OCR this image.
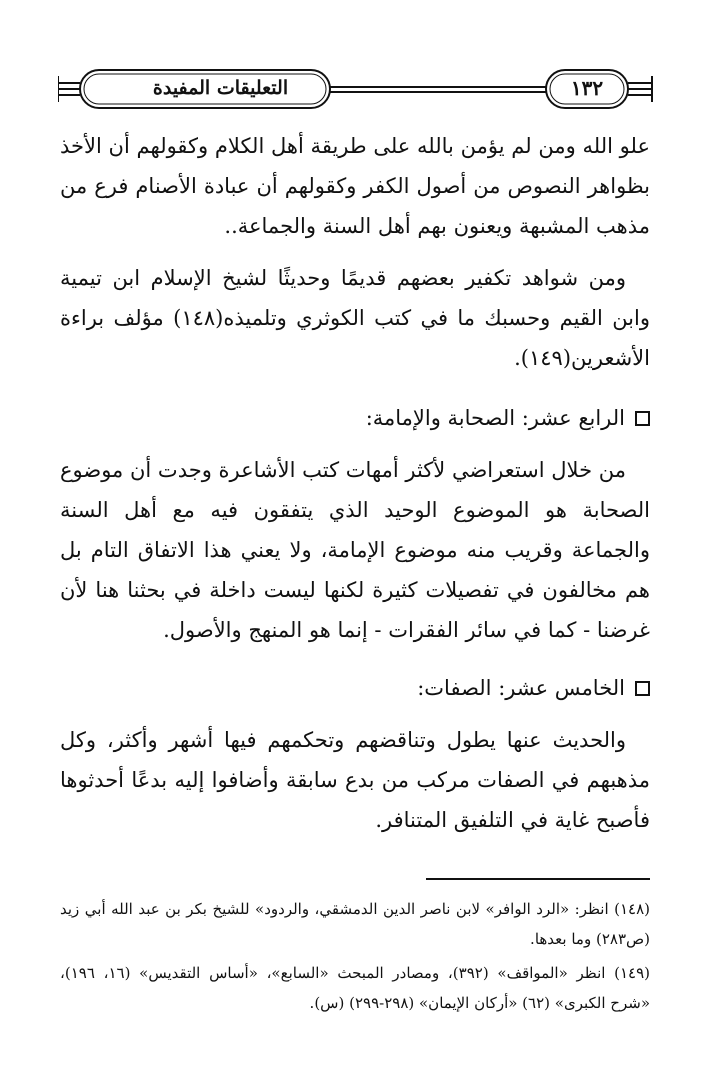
التعليقات المفيدة	١٣٢

علو الله ومن لم يؤمن بالله على طريقة أهل الكلام وكقولهم أن الأخذ بظواهر النصوص من أصول الكفر وكقولهم أن عبادة الأصنام فرع من مذهب المشبهة ويعنون بهم أهل السنة والجماعة..

ومن شواهد تكفير بعضهم قديمًا وحديثًا لشيخ الإسلام ابن تيمية وابن القيم وحسبك ما في كتب الكوثري وتلميذه(١٤٨) مؤلف براءة الأشعرين(١٤٩).

الرابع عشر: الصحابة والإمامة:

من خلال استعراضي لأكثر أمهات كتب الأشاعرة وجدت أن موضوع الصحابة هو الموضوع الوحيد الذي يتفقون فيه مع أهل السنة والجماعة وقريب منه موضوع الإمامة، ولا يعني هذا الاتفاق التام بل هم مخالفون في تفصيلات كثيرة لكنها ليست داخلة في بحثنا هنا لأن غرضنا - كما في سائر الفقرات - إنما هو المنهج والأصول.

الخامس عشر: الصفات:

والحديث عنها يطول وتناقضهم وتحكمهم فيها أشهر وأكثر، وكل مذهبهم في الصفات مركب من بدع سابقة وأضافوا إليه بدعًا أحدثوها فأصبح غاية في التلفيق المتنافر.

(١٤٨) انظر: «الرد الوافر» لابن ناصر الدين الدمشقي، والردود» للشيخ بكر بن عبد الله أبي زيد (ص٢٨٣) وما بعدها.

(١٤٩) انظر «المواقف» (٣٩٢)، ومصادر المبحث «السابع»، «أساس التقديس» (١٦، ١٩٦)، «شرح الكبرى» (٦٢) «أركان الإيمان» (٢٩٨-٢٩٩) (س).
